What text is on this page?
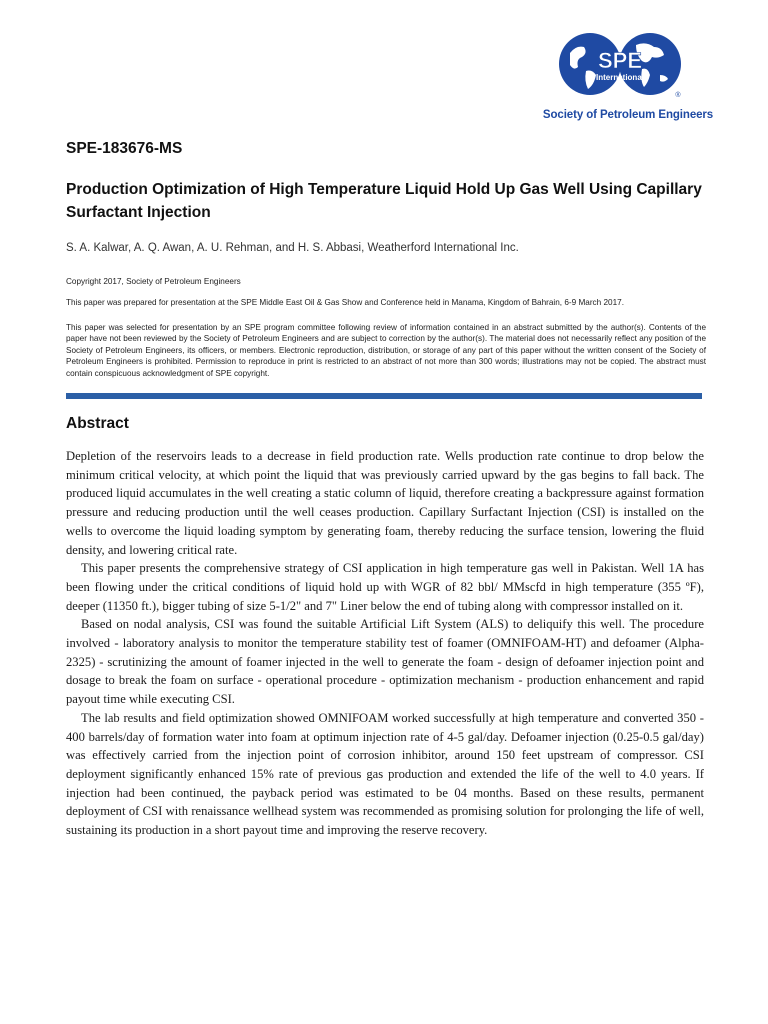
SPE
International
®
Society of Petroleum Engineers
SPE-183676-MS
Production Optimization of High Temperature Liquid Hold Up Gas Well Using Capillary Surfactant Injection
S. A. Kalwar, A. Q. Awan, A. U. Rehman, and H. S. Abbasi, Weatherford International Inc.
Copyright 2017, Society of Petroleum Engineers
This paper was prepared for presentation at the SPE Middle East Oil & Gas Show and Conference held in Manama, Kingdom of Bahrain, 6-9 March 2017.
This paper was selected for presentation by an SPE program committee following review of information contained in an abstract submitted by the author(s). Contents of the paper have not been reviewed by the Society of Petroleum Engineers and are subject to correction by the author(s). The material does not necessarily reflect any position of the Society of Petroleum Engineers, its officers, or members. Electronic reproduction, distribution, or storage of any part of this paper without the written consent of the Society of Petroleum Engineers is prohibited. Permission to reproduce in print is restricted to an abstract of not more than 300 words; illustrations may not be copied. The abstract must contain conspicuous acknowledgment of SPE copyright.
Abstract

Depletion of the reservoirs leads to a decrease in field production rate. Wells production rate continue to drop below the minimum critical velocity, at which point the liquid that was previously carried upward by the gas begins to fall back. The produced liquid accumulates in the well creating a static column of liquid, therefore creating a backpressure against formation pressure and reducing production until the well ceases production. Capillary Surfactant Injection (CSI) is installed on the wells to overcome the liquid loading symptom by generating foam, thereby reducing the surface tension, lowering the fluid density, and lowering critical rate.

This paper presents the comprehensive strategy of CSI application in high temperature gas well in Pakistan. Well 1A has been flowing under the critical conditions of liquid hold up with WGR of 82 bbl/ MMscfd in high temperature (355 ºF), deeper (11350 ft.), bigger tubing of size 5-1/2" and 7" Liner below the end of tubing along with compressor installed on it.

Based on nodal analysis, CSI was found the suitable Artificial Lift System (ALS) to deliquify this well. The procedure involved - laboratory analysis to monitor the temperature stability test of foamer (OMNIFOAM-HT) and defoamer (Alpha-2325) - scrutinizing the amount of foamer injected in the well to generate the foam - design of defoamer injection point and dosage to break the foam on surface - operational procedure - optimization mechanism - production enhancement and rapid payout time while executing CSI.

The lab results and field optimization showed OMNIFOAM worked successfully at high temperature and converted 350 - 400 barrels/day of formation water into foam at optimum injection rate of 4-5 gal/day. Defoamer injection (0.25-0.5 gal/day) was effectively carried from the injection point of corrosion inhibitor, around 150 feet upstream of compressor. CSI deployment significantly enhanced 15% rate of previous gas production and extended the life of the well to 4.0 years. If injection had been continued, the payback period was estimated to be 04 months. Based on these results, permanent deployment of CSI with renaissance wellhead system was recommended as promising solution for prolonging the life of well, sustaining its production in a short payout time and improving the reserve recovery.
